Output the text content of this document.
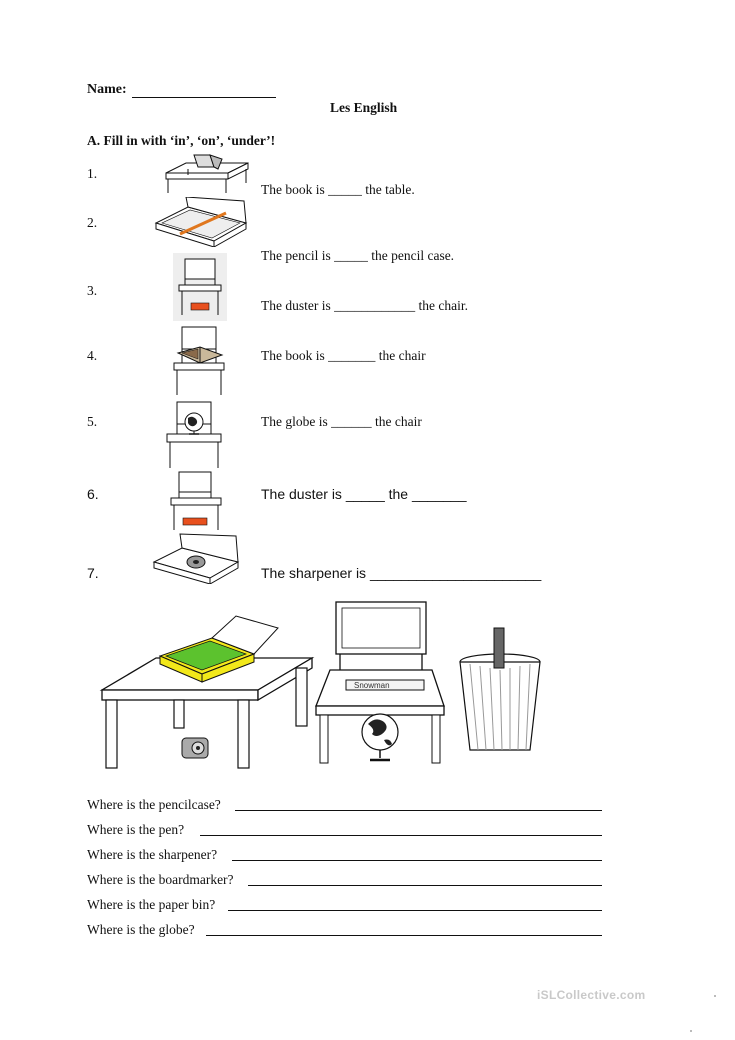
Name:
Les English
A. Fill in with ‘in’, ‘on’, ‘under’!
1.
The book is _____ the table.
2.
The pencil is _____ the pencil case.
3.
The duster is ____________ the chair.
4.	The book is _______ the chair
5.	The globe is ______ the chair
6.	The duster is _____ the _______
7.	The sharpener is ______________________
Snowman
Where is the pencilcase?
Where is the pen?
Where is the sharpener?
Where is the boardmarker?
Where is the paper bin?
Where is the globe?
iSLCollective.com
